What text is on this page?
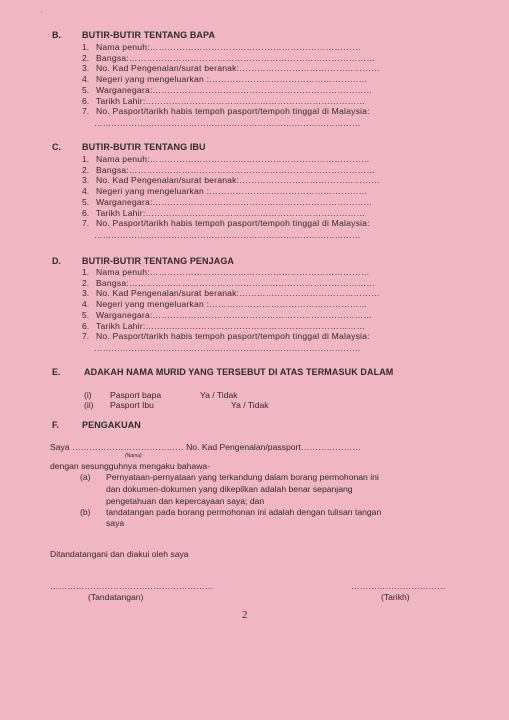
·
· B. BUTIR-BUTIR TENTANG BAPA
1. Nama penuh:………………………………………………………………
2. Bangsa:…………………………………………………………………………
3. No. Kad Pengenalan/surat beranak:…………………………………………
4. Negeri yang mengeluarkan :………………………………………………
5. Warganegara:…………………………………………………………………
6. Tarikh Lahir:…………………………………………………………………
7. No. Pasport/tarikh habis tempoh pasport/tempoh tinggal di Malaysia:
…………………………………………………………………………………
C. BUTIR-BUTIR TENTANG IBU
1. Nama penuh:…………………………………………………………………
2. Bangsa:…………………………………………………………………………
3. No. Kad Pengenalan/surat beranak:…………………………………………
4. Negeri yang mengeluarkan :………………………………………………
5. Warganegara:…………………………………………………………………
6. Tarikh Lahir:…………………………………………………………………
7. No. Pasport/tarikh habis tempoh pasport/tempoh tinggal di Malaysia:
…………………………………………………………………………………
D. BUTIR-BUTIR TENTANG PENJAGA
1. Nama penuh:…………………………………………………………………
2. Bangsa:…………………………………………………………………………
3. No. Kad Pengenalan/surat beranak:…………………………………………
4. Negeri yang mengeluarkan :………………………………………………
5. Warganegara:…………………………………………………………………
6. Tarikh Lahir:…………………………………………………………………
7. No. Pasport/tarikh habis tempoh pasport/tempoh tinggal di Malaysia:
…………………………………………………………………………………
E.	ADAKAH NAMA MURID YANG TERSEBUT DI ATAS TERMASUK DALAM
(i) Pasport bapa	Ya / Tidak
(ii) Pasport Ibu	Ya / Tidak
F.	PENGAKUAN
Saya ………………………………… No. Kad Pengenalan/passport…………………
(Nama)
dengan sesungguhnya mengaku bahawa-
(a) Pernyataan-pernyataan yang terkandung dalam borang permohonan ini
dan dokumen-dokumen yang dikepilkan adalah benar sepanjang
pengetahuan dan kepercayaan saya; dan
(b) tandatangan pada borang permohonan ini adalah dengan tulisan tangan
saya
Ditandatangani dan diakui oleh saya
…………………………………………………	……………………………
(Tandatangan)	(Tarikh)
2
